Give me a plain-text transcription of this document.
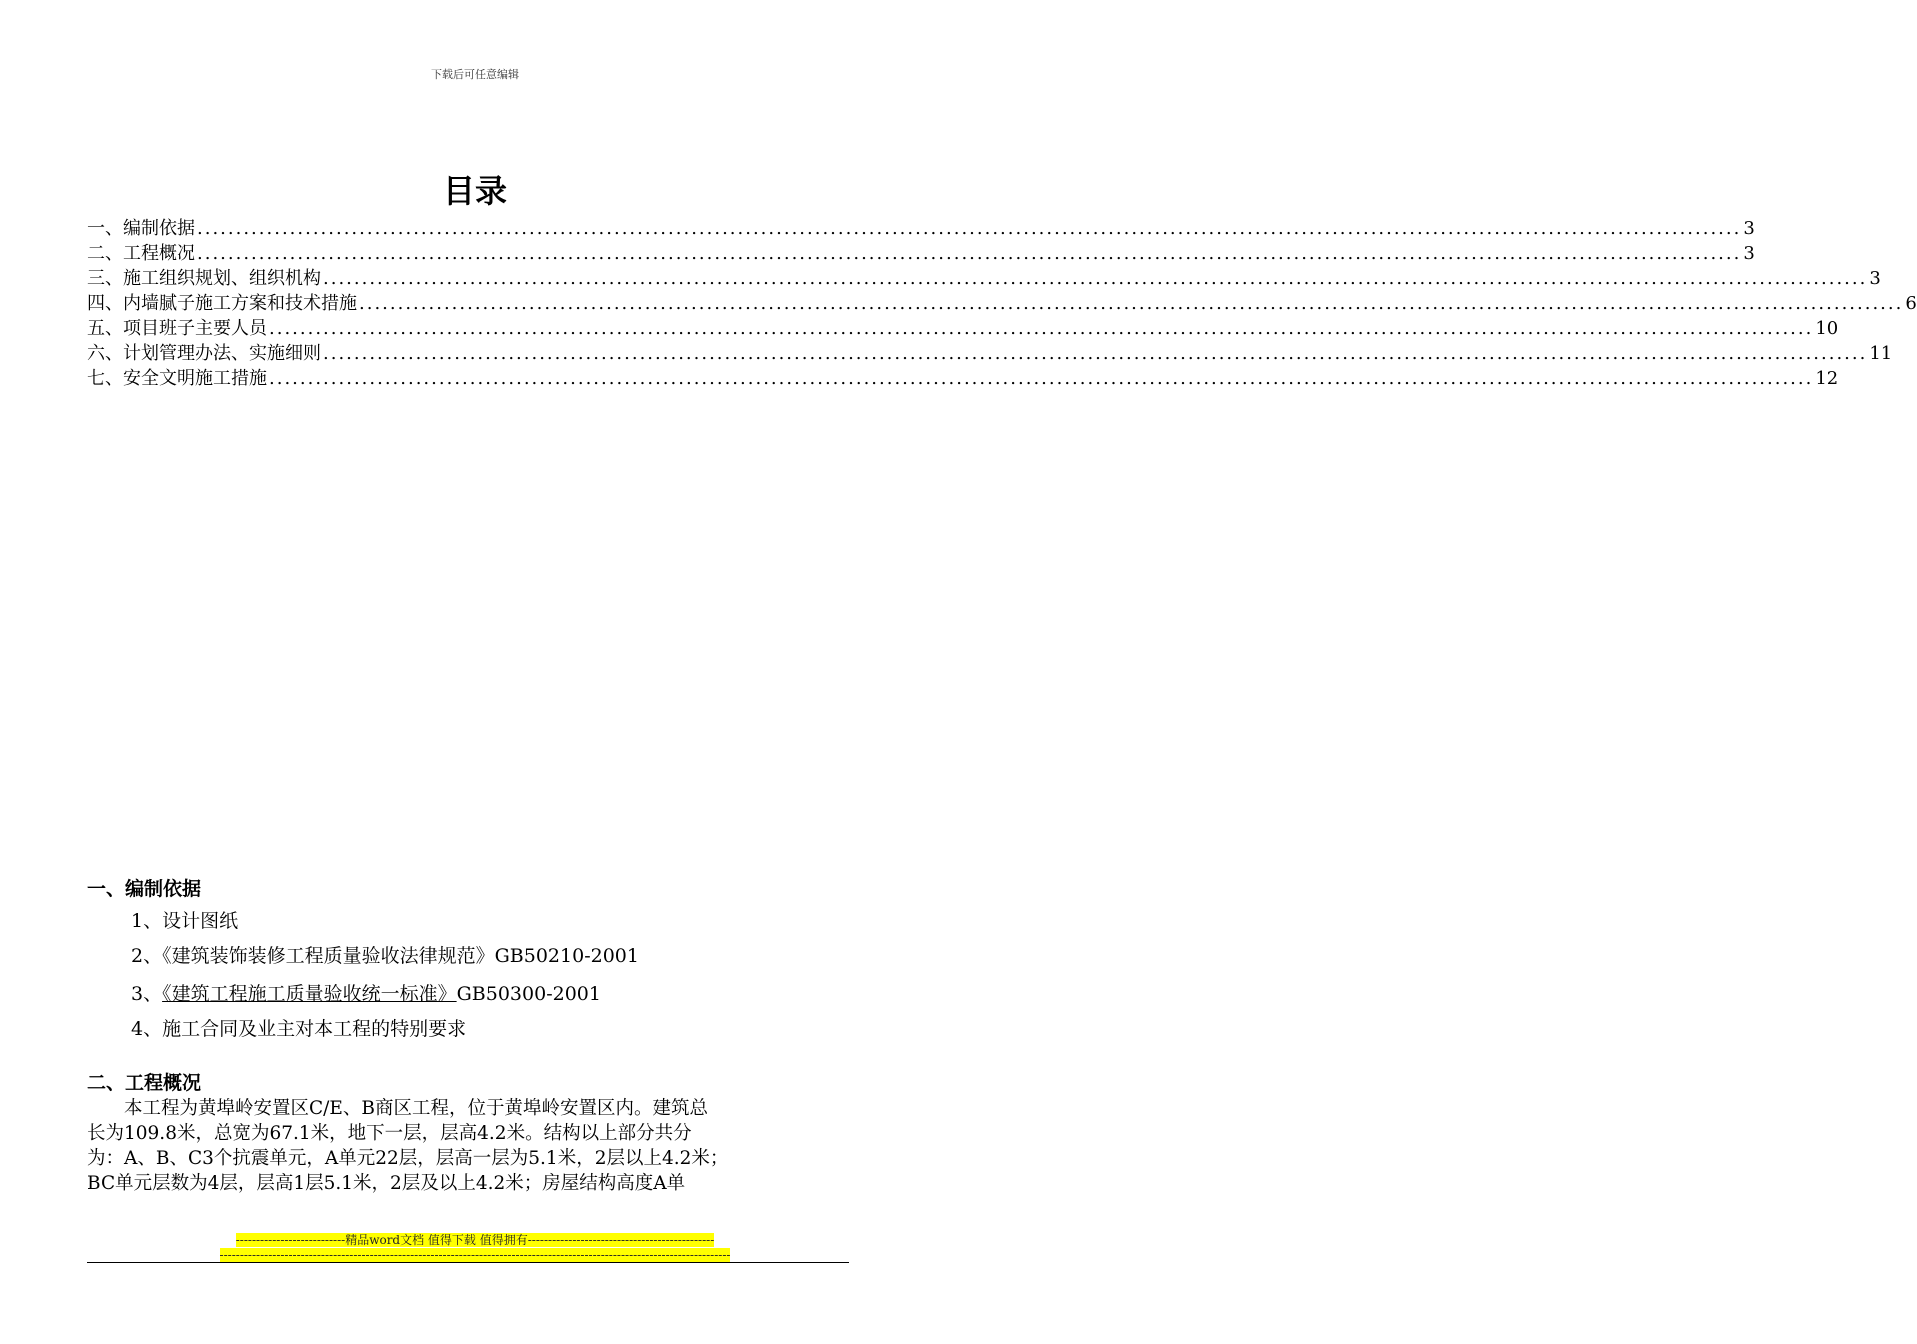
下载后可任意编辑
目录
一、编制依据 ........................................................................................................................................................................................................ 3
二、工程概况 ........................................................................................................................................................................................................ 3
三、施工组织规划、组织机构 ........................................................................................................................................................................................................ 3
四、内墙腻子施工方案和技术措施 ........................................................................................................................................................................................................ 6
五、项目班子主要人员 ........................................................................................................................................................................................................ 10
六、计划管理办法、实施细则 ........................................................................................................................................................................................................ 11
七、安全文明施工措施 ........................................................................................................................................................................................................ 12
一、编制依据
1、设计图纸
2、《建筑装饰装修工程质量验收法律规范》GB50210-2001
3、《建筑工程施工质量验收统一标准》GB50300-2001
4、施工合同及业主对本工程的特别要求
二、工程概况
　　本工程为黄埠岭安置区C/E、B商区工程，位于黄埠岭安置区内。建筑总
长为109.8米，总宽为67.1米，地下一层，层高4.2米。结构以上部分共分
为：A、B、C3个抗震单元，A单元22层，层高一层为5.1米，2层以上4.2米；
BC单元层数为4层，层高1层5.1米，2层及以上4.2米；房屋结构高度A单
---------------------------精品word文档 值得下载 值得拥有----------------------------------------------
------------------------------------------------------------------------------------------------------------------------------
